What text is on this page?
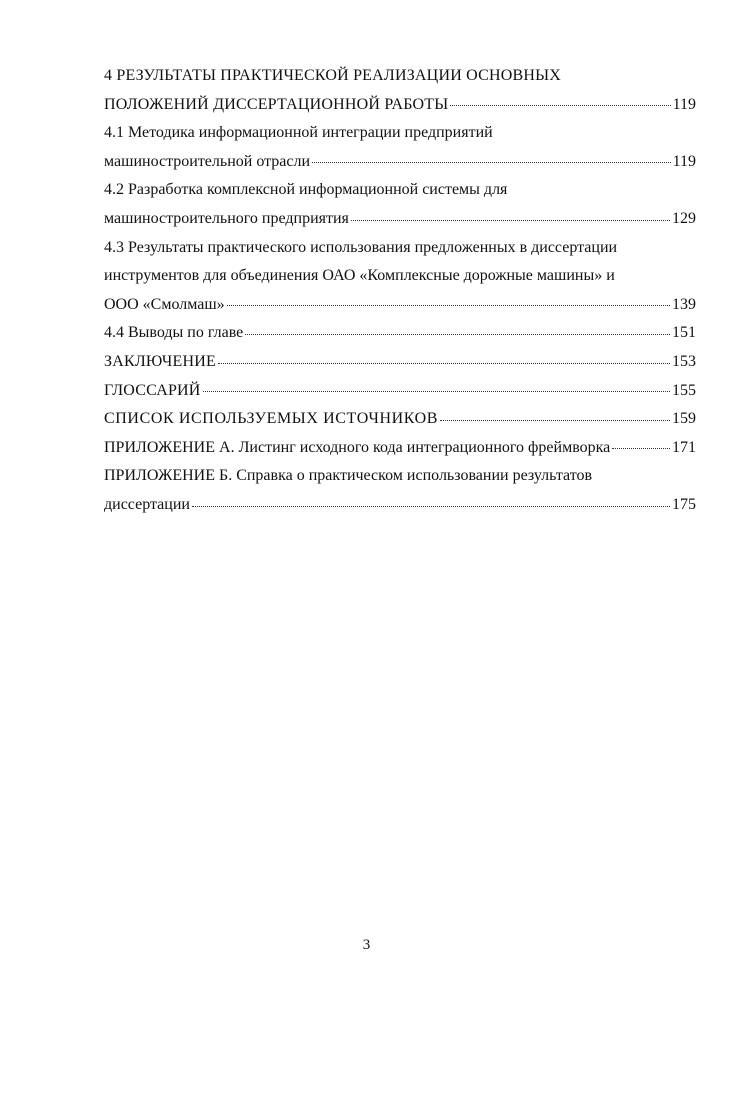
4 РЕЗУЛЬТАТЫ ПРАКТИЧЕСКОЙ РЕАЛИЗАЦИИ ОСНОВНЫХ
ПОЛОЖЕНИЙ ДИССЕРТАЦИОННОЙ РАБОТЫ	119
4.1 Методика информационной интеграции предприятий
машиностроительной отрасли	119
4.2 Разработка комплексной информационной системы для
машиностроительного предприятия	129
4.3 Результаты практического использования предложенных в диссертации
инструментов для объединения ОАО «Комплексные дорожные машины» и
ООО «Смолмаш»	139
4.4 Выводы по главе	151
ЗАКЛЮЧЕНИЕ	153
ГЛОССАРИЙ	155
СПИСОК ИСПОЛЬЗУЕМЫХ ИСТОЧНИКОВ	159
ПРИЛОЖЕНИЕ А. Листинг исходного кода интеграционного фреймворка	171
ПРИЛОЖЕНИЕ Б. Справка о практическом использовании результатов
диссертации	175
3
